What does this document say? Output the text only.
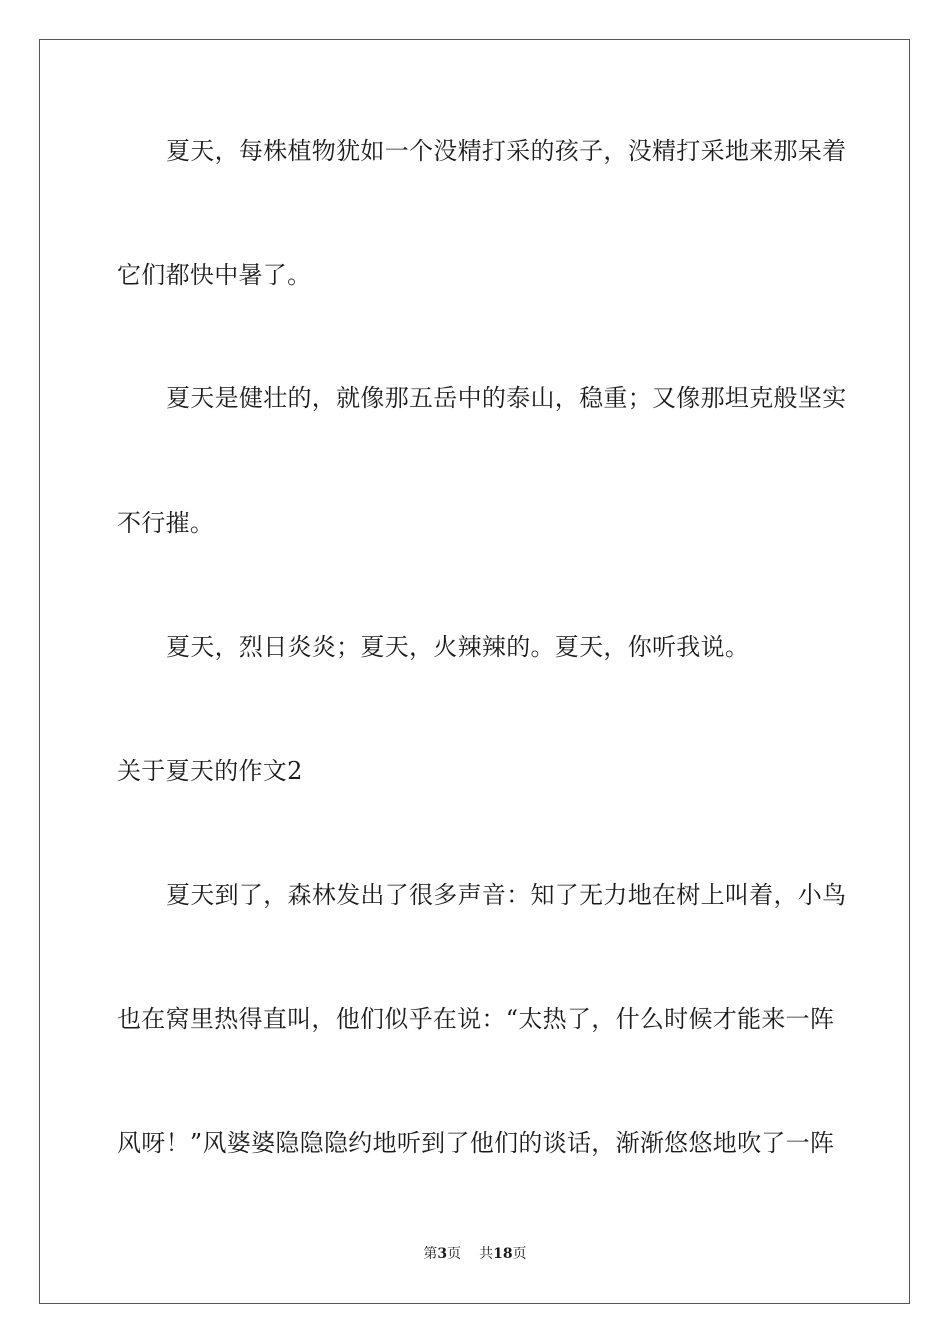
夏天，每株植物犹如一个没精打采的孩子，没精打采地来那呆着
它们都快中暑了。
夏天是健壮的，就像那五岳中的泰山，稳重；又像那坦克般坚实
不行摧。
夏天，烈日炎炎；夏天，火辣辣的。夏天，你听我说。
关于夏天的作文2
夏天到了，森林发出了很多声音：知了无力地在树上叫着，小鸟
也在窝里热得直叫，他们似乎在说：“太热了，什么时候才能来一阵
风呀！”风婆婆隐隐隐约地听到了他们的谈话，渐渐悠悠地吹了一阵
第3页 共18页
